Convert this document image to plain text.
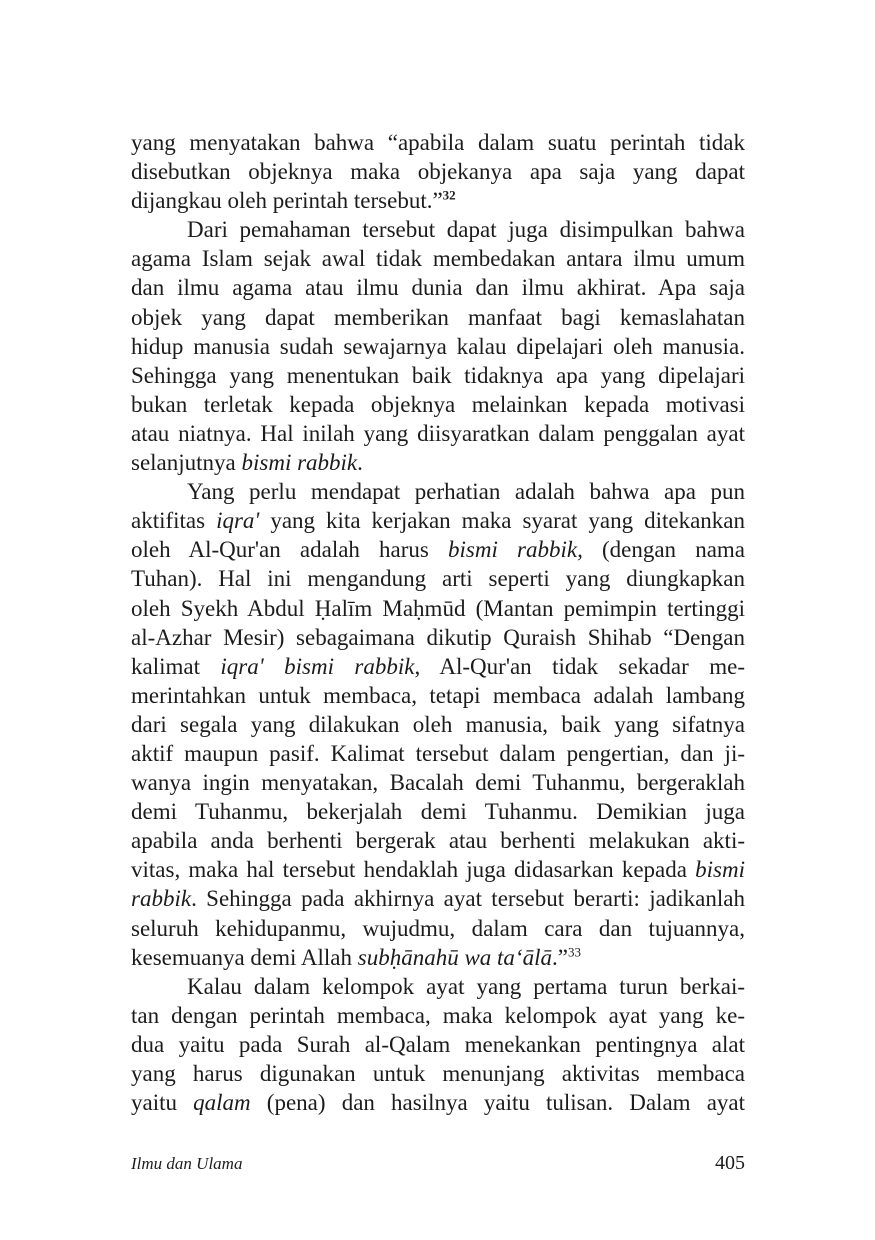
yang menyatakan bahwa “apabila dalam suatu perintah tidak
disebutkan objeknya maka objekanya apa saja yang dapat
dijangkau oleh perintah tersebut.”$^{32}$
Dari pemahaman tersebut dapat juga disimpulkan bahwa
agama Islam sejak awal tidak membedakan antara ilmu umum
dan ilmu agama atau ilmu dunia dan ilmu akhirat. Apa saja
objek yang dapat memberikan manfaat bagi kemaslahatan
hidup manusia sudah sewajarnya kalau dipelajari oleh manusia.
Sehingga yang menentukan baik tidaknya apa yang dipelajari
bukan terletak kepada objeknya melainkan kepada motivasi
atau niatnya. Hal inilah yang diisyaratkan dalam penggalan ayat
selanjutnya bismi rabbik.
Yang perlu mendapat perhatian adalah bahwa apa pun
aktifitas iqra' yang kita kerjakan maka syarat yang ditekankan
oleh Al-Qur'an adalah harus bismi rabbik, (dengan nama
Tuhan). Hal ini mengandung arti seperti yang diungkapkan
oleh Syekh Abdul Ḥalīm Maḥmūd (Mantan pemimpin tertinggi
al-Azhar Mesir) sebagaimana dikutip Quraish Shihab “Dengan
kalimat iqra' bismi rabbik, Al-Qur'an tidak sekadar me-
merintahkan untuk membaca, tetapi membaca adalah lambang
dari segala yang dilakukan oleh manusia, baik yang sifatnya
aktif maupun pasif. Kalimat tersebut dalam pengertian, dan ji-
wanya ingin menyatakan, Bacalah demi Tuhanmu, bergeraklah
demi Tuhanmu, bekerjalah demi Tuhanmu. Demikian juga
apabila anda berhenti bergerak atau berhenti melakukan akti-
vitas, maka hal tersebut hendaklah juga didasarkan kepada bismi
rabbik. Sehingga pada akhirnya ayat tersebut berarti: jadikanlah
seluruh kehidupanmu, wujudmu, dalam cara dan tujuannya,
kesemuanya demi Allah subḥānahū wa ta‘ālā.”$^{33}$
Kalau dalam kelompok ayat yang pertama turun berkai-
tan dengan perintah membaca, maka kelompok ayat yang ke-
dua yaitu pada Surah al-Qalam menekankan pentingnya alat
yang harus digunakan untuk menunjang aktivitas membaca
yaitu qalam (pena) dan hasilnya yaitu tulisan. Dalam ayat
Ilmu dan Ulama	405
